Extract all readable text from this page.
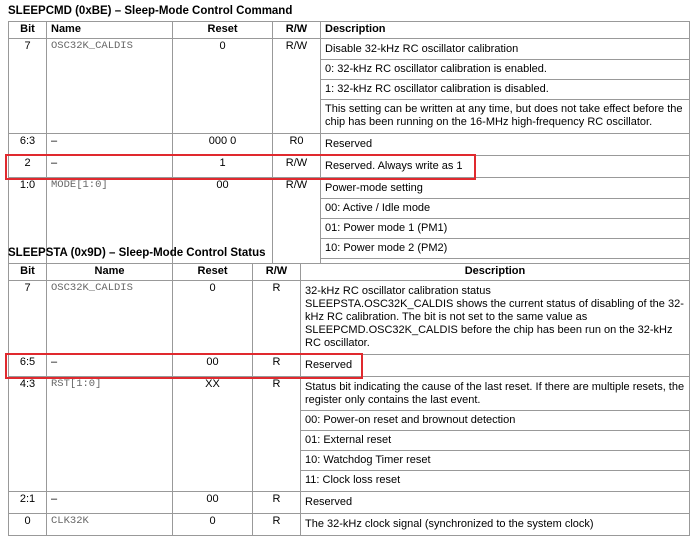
SLEEPCMD (0xBE) – Sleep-Mode Control Command
Bit	Name	Reset	R/W	Description
7	OSC32K_CALDIS	0	R/W	Disable 32-kHz RC oscillator calibration

0: 32-kHz RC oscillator calibration is enabled.

1: 32-kHz RC oscillator calibration is disabled.

This setting can be written at any time, but does not take effect before the chip has been running on the 16-MHz high-frequency RC oscillator.

6:3	–	000 0	R0	Reserved

2	–	1	R/W	Reserved. Always write as 1

1:0	MODE[1:0]	00	R/W	Power-mode setting

00: Active / Idle mode

01: Power mode 1 (PM1)

10: Power mode 2 (PM2)

SLEEPSTA (0x9D) – Sleep-Mode Control Status
Bit	Name	Reset	R/W	Description
7	OSC32K_CALDIS	0	R	32-kHz RC oscillator calibration status
SLEEPSTA.OSC32K_CALDIS shows the current status of disabling of the 32-kHz RC calibration. The bit is not set to the same value as SLEEPCMD.OSC32K_CALDIS before the chip has been run on the 32-kHz RC oscillator.

6:5	–	00	R	Reserved

4:3	RST[1:0]	XX	R	Status bit indicating the cause of the last reset. If there are multiple resets, the register only contains the last event.

00: Power-on reset and brownout detection

01: External reset

10: Watchdog Timer reset

11: Clock loss reset

2:1	–	00	R	Reserved

0	CLK32K	0	R	The 32-kHz clock signal (synchronized to the system clock)
